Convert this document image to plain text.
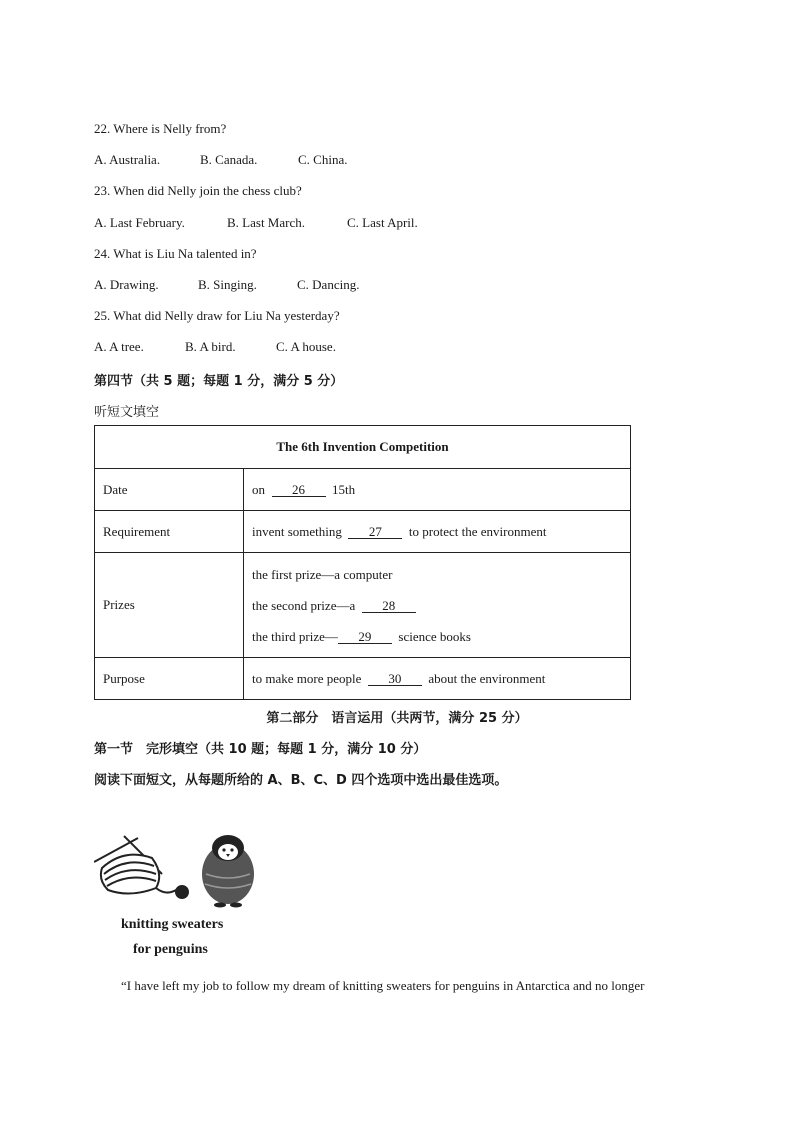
22. Where is Nelly from?
A. Australia.	B. Canada.	C. China.
23. When did Nelly join the chess club?
A. Last February.	B. Last March.	C. Last April.
24. What is Liu Na talented in?
A. Drawing.	B. Singing.	C. Dancing.
25. What did Nelly draw for Liu Na yesterday?
A. A tree.	B. A bird.	C. A house.
第四节（共 5 题；每题 1 分，满分 5 分）
听短文填空
The 6th Invention Competition	
Date	on 26 15th
Requirement	invent something 27 to protect the environment
Prizes	the first prize—a computer
the second prize—a 28
the third prize— 29 science books

Purpose	to make more people 30 about the environment
第二部分　语言运用（共两节，满分 25 分）
第一节　完形填空（共 10 题；每题 1 分，满分 10 分）
阅读下面短文，从每题所给的 A、B、C、D 四个选项中选出最佳选项。
knitting sweaters
for penguins
“I have left my job to follow my dream of knitting sweaters for penguins in Antarctica and no longer
